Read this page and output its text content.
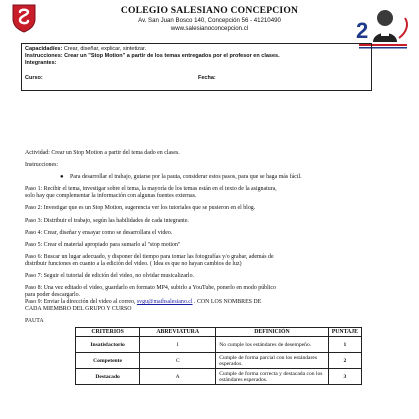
COLEGIO SALESIANO CONCEPCION
Av. San Juan Bosco 140, Concepción 56 - 41210490
www.salesianoconcepcion.cl	2
Capacidad/es: Crear, diseñar, explicar, sintetizar.
Instrucciones: Crear un "Stop Motion" a partir de los temas entregados por el profesor en clases.
Integrantes:
Curso:	Fecha:
Actividad: Crear un Stop Motion a partir del tema dado en clases.
Instrucciones:
● Para desarrollar el trabajo, guiarse por la pauta, considerar estos pasos, para que se haga más fácil.
Paso 1: Recibir el tema, investigar sobre el tema, la mayoría de los temas están en el texto de la asignatura,
solo hay que complementar la información con algunas fuentes externas.
Paso 2: Investigar que es un Stop Motion, sugerencia ver los tutoriales que se pusieron en el blog.
Paso 3: Distribuir el trabajo, según las habilidades de cada integrante.
Paso 4: Crear, diseñar y ensayar como se desarrollara el video.
Paso 5: Crear el material apropiado para sumarlo al "stop motion"
Paso 6: Buscar un lugar adecuado, y disponer del tiempo para tomar las fotografías y/o grabar, además de
distribuir funciones en cuanto a la edición del video. ( Idea es que no hayan cambios de luz)
Paso 7: Seguir el tutorial de edición del video, no olvidar musicalizarlo.
Paso 8: Una vez editado el video, guardarlo en formato MP4, subirlo a YouTube, ponerlo en modo público
para poder descargarlo.
Paso 9: Enviar la dirección del video al correo, svgu@maihsalesiano.cl . CON LOS NOMBRES DE
CADA MIEMBRO DEL GRUPO Y CURSO
PAUTA
CRITERIOS	ABREVIATURA	DEFINICIÓN	PUNTAJE
Insatisfactorio	I	No cumple los estándares de desempeño.	1
Competente	C	Cumple de forma parcial con los estándares esperados.	2
Destacado	A	Cumple de forma correcta y destacada con los estándares esperados.	3
